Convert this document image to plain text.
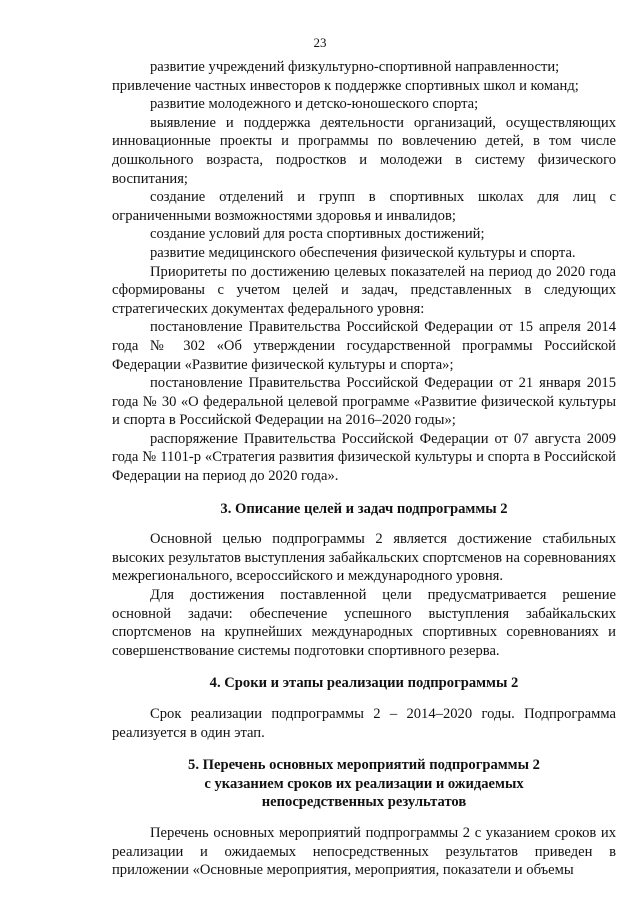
23

развитие учреждений физкультурно-спортивной направленности;

привлечение частных инвесторов к поддержке спортивных школ и команд;

развитие молодежного и детско-юношеского спорта;

выявление и поддержка деятельности организаций, осуществляющих инновационные проекты и программы по вовлечению детей, в том числе дошкольного возраста, подростков и молодежи в систему физического воспитания;

создание отделений и групп в спортивных школах для лиц с ограниченными возможностями здоровья и инвалидов;

создание условий для роста спортивных достижений;

развитие медицинского обеспечения физической культуры и спорта.

Приоритеты по достижению целевых показателей на период до 2020 года сформированы с учетом целей и задач, представленных в следующих стратегических документах федерального уровня:

постановление Правительства Российской Федерации от 15 апреля 2014 года № 302 «Об утверждении государственной программы Российской Федерации «Развитие физической культуры и спорта»;

постановление Правительства Российской Федерации от 21 января 2015 года № 30 «О федеральной целевой программе «Развитие физической культуры и спорта в Российской Федерации на 2016–2020 годы»;

распоряжение Правительства Российской Федерации от 07 августа 2009 года № 1101-р «Стратегия развития физической культуры и спорта в Российской Федерации на период до 2020 года».

3. Описание целей и задач подпрограммы 2

Основной целью подпрограммы 2 является достижение стабильных высоких результатов выступления забайкальских спортсменов на соревнованиях межрегионального, всероссийского и международного уровня.

Для достижения поставленной цели предусматривается решение основной задачи: обеспечение успешного выступления забайкальских спортсменов на крупнейших международных спортивных соревнованиях и совершенствование системы подготовки спортивного резерва.

4. Сроки и этапы реализации подпрограммы 2

Срок реализации подпрограммы 2 – 2014–2020 годы. Подпрограмма реализуется в один этап.

5. Перечень основных мероприятий подпрограммы 2
с указанием сроков их реализации и ожидаемых
непосредственных результатов

Перечень основных мероприятий подпрограммы 2 с указанием сроков их реализации и ожидаемых непосредственных результатов приведен в приложении «Основные мероприятия, мероприятия, показатели и объемы
